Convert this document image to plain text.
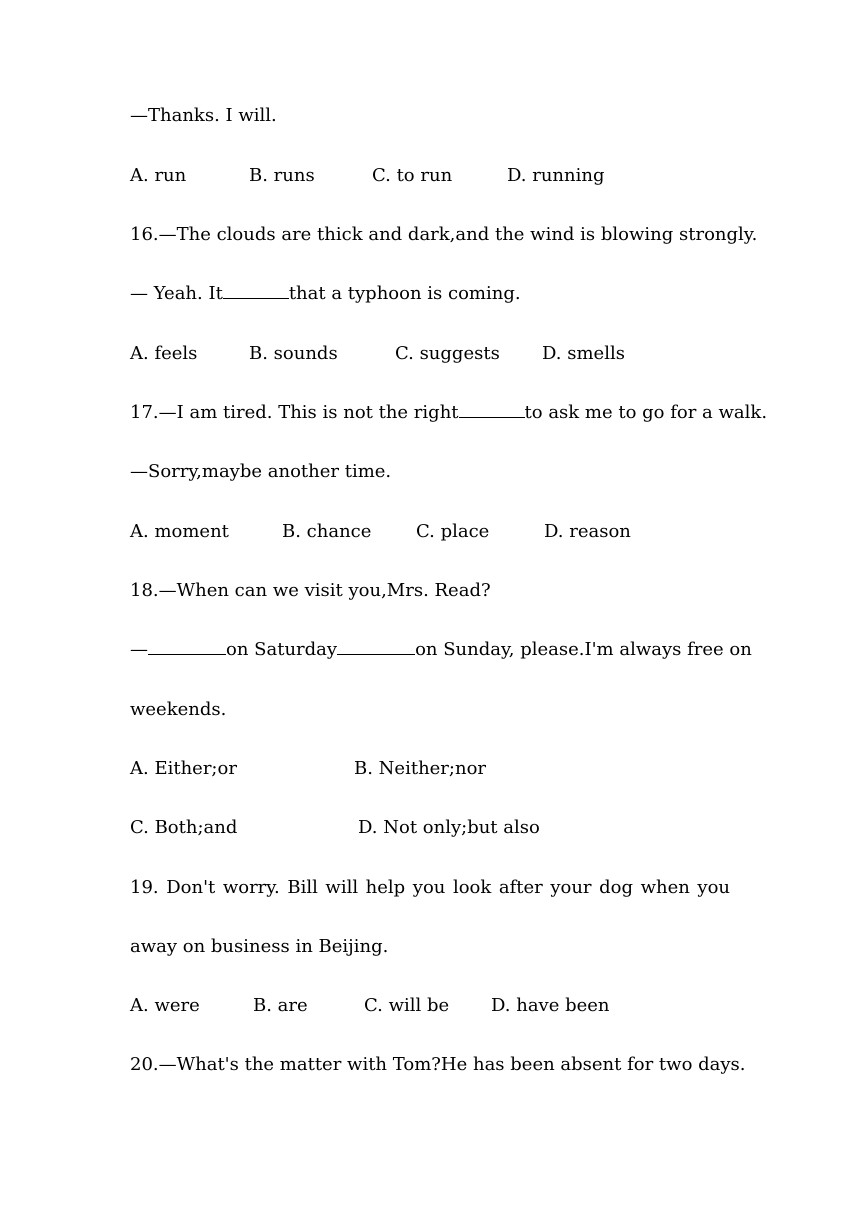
—Thanks. I will.
A. run	B. runs	C. to run	D. running
16.—The clouds are thick and dark,and the wind is blowing strongly.
— Yeah. It	that a typhoon is coming.
A. feels	B. sounds	C. suggests D. smells
17.—I am tired. This is not the right	to ask me to go for a walk.
—Sorry,maybe another time.
A. moment	B. chance C. place	D. reason
18.—When can we visit you,Mrs. Read?
—	on Saturday	on Sunday, please.I'm always free on
weekends.
A. Either;or	B. Neither;nor
C. Both;and	D. Not only;but also
19. Don't worry. Bill will help you look after your dog when you
away on business in Beijing.
A. were	B. are	C. will be D. have been
20.—What's the matter with Tom?He has been absent for two days.
